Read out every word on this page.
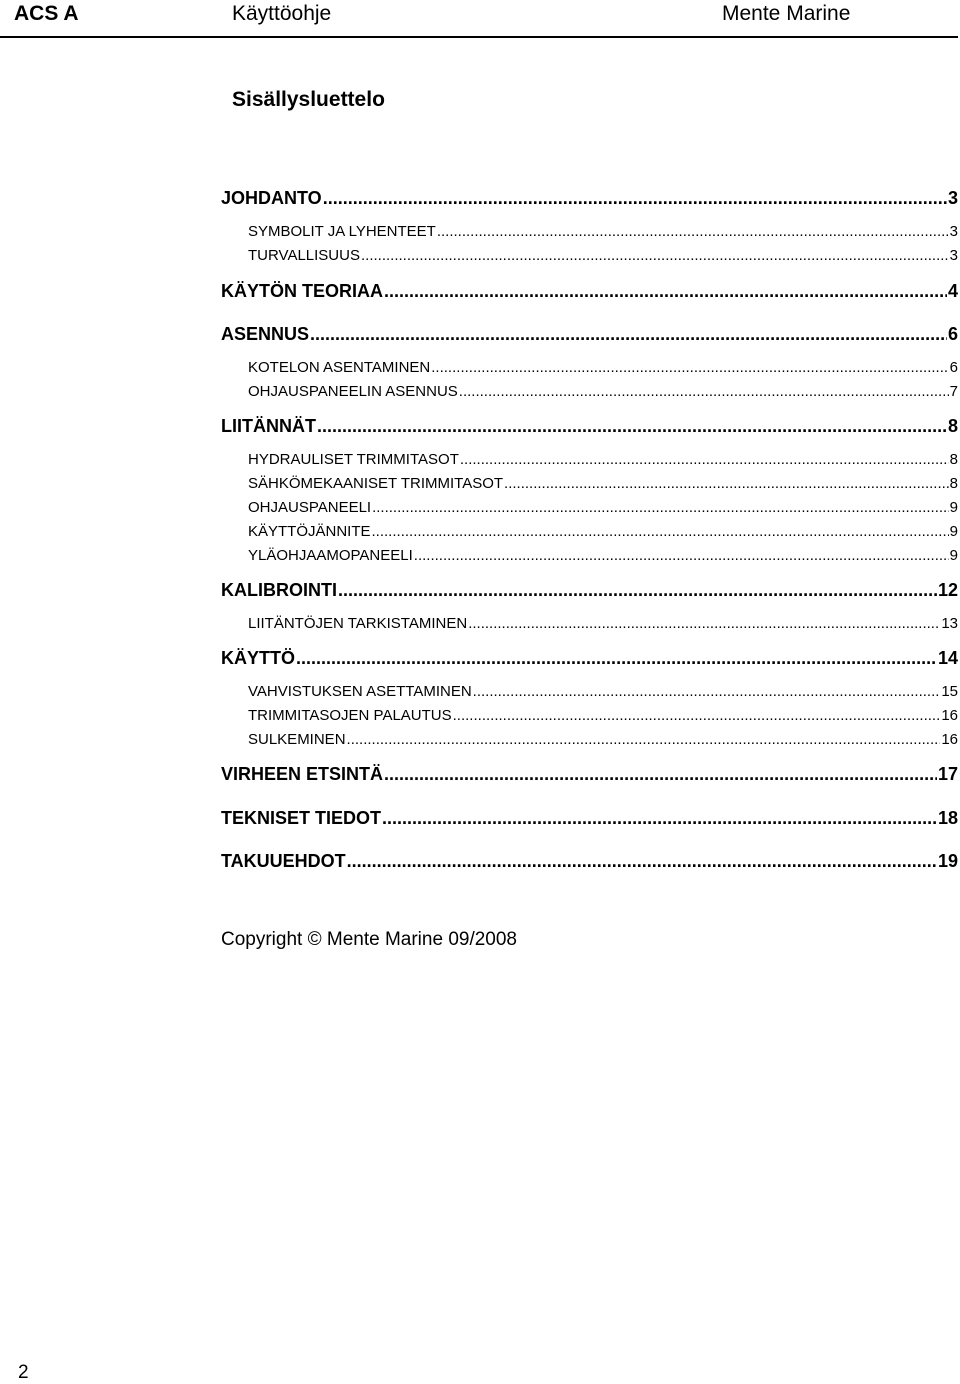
ACS A	Käyttöohje	Mente Marine
Sisällysluettelo
JOHDANTO .....	3
SYMBOLIT JA LYHENTEET .....	3
TURVALLISUUS .....	3
KÄYTÖN TEORIAA .....	4
ASENNUS .....	6
KOTELON ASENTAMINEN .....	6
OHJAUSPANEELIN ASENNUS .....	7
LIITÄNNÄT .....	8
HYDRAULISET TRIMMITASOT .....	8
SÄHKÖMEKAANISET TRIMMITASOT .....	8
OHJAUSPANEELI .....	9
KÄYTTÖJÄNNITE .....	9
YLÄOHJAAMOPANEELI .....	9
KALIBROINTI .....	12
LIITÄNTÖJEN TARKISTAMINEN .....	13
KÄYTTÖ .....	14
VAHVISTUKSEN ASETTAMINEN .....	15
TRIMMITASOJEN PALAUTUS .....	16
SULKEMINEN .....	16
VIRHEEN ETSINTÄ .....	17
TEKNISET TIEDOT .....	18
TAKUUEHDOT .....	19
Copyright © Mente Marine 09/2008
2
